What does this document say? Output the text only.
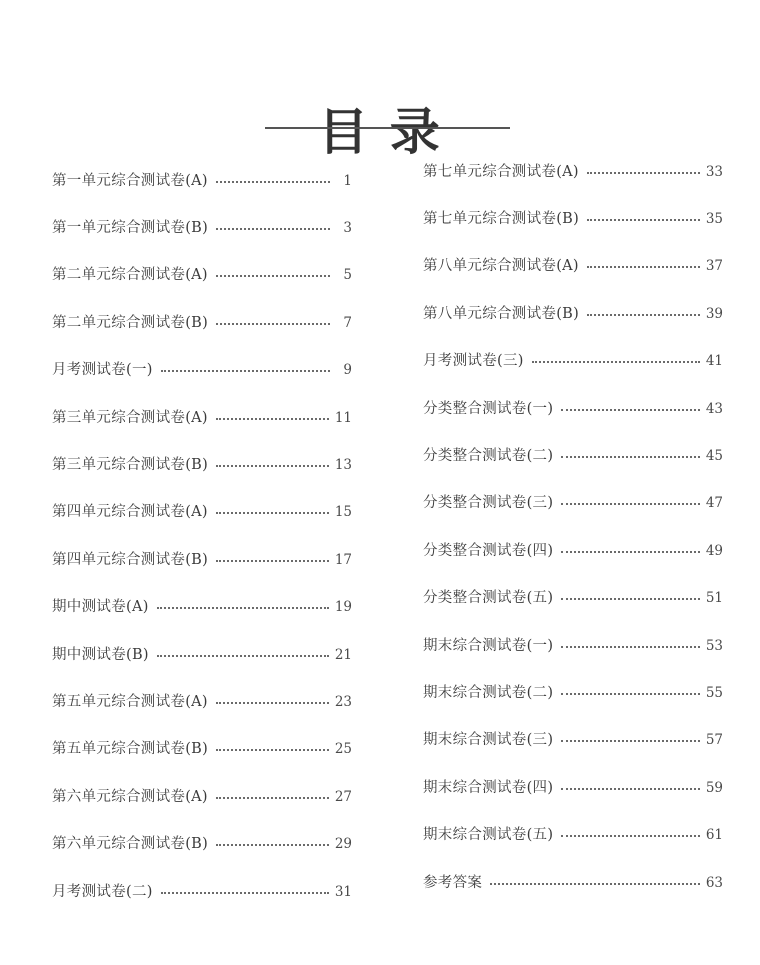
目 录
第一单元综合测试卷(A)	1
第一单元综合测试卷(B)	3
第二单元综合测试卷(A)	5
第二单元综合测试卷(B)	7
月考测试卷(一)	9
第三单元综合测试卷(A)	11
第三单元综合测试卷(B)	13
第四单元综合测试卷(A)	15
第四单元综合测试卷(B)	17
期中测试卷(A)	19
期中测试卷(B)	21
第五单元综合测试卷(A)	23
第五单元综合测试卷(B)	25
第六单元综合测试卷(A)	27
第六单元综合测试卷(B)	29
月考测试卷(二)	31
第七单元综合测试卷(A)	33
第七单元综合测试卷(B)	35
第八单元综合测试卷(A)	37
第八单元综合测试卷(B)	39
月考测试卷(三)	41
分类整合测试卷(一)	43
分类整合测试卷(二)	45
分类整合测试卷(三)	47
分类整合测试卷(四)	49
分类整合测试卷(五)	51
期末综合测试卷(一)	53
期末综合测试卷(二)	55
期末综合测试卷(三)	57
期末综合测试卷(四)	59
期末综合测试卷(五)	61
参考答案	63
